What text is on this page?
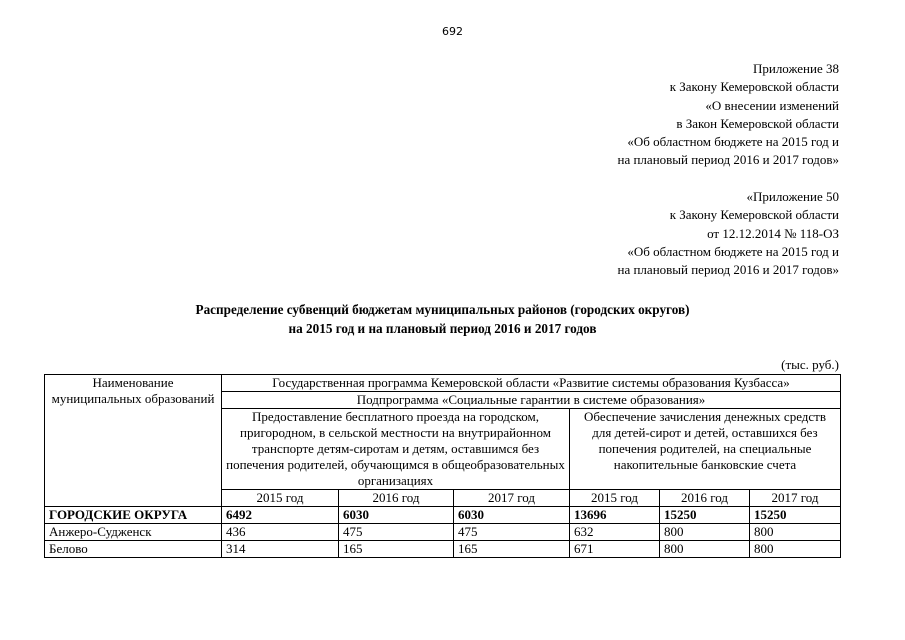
692
Приложение 38
к Закону Кемеровской области
«О внесении изменений
в Закон Кемеровской области
«Об областном бюджете на 2015 год и
на плановый период 2016 и 2017 годов»
«Приложение 50
к Закону Кемеровской области
от 12.12.2014 № 118-ОЗ
«Об областном бюджете на 2015 год и
на плановый период 2016 и 2017 годов»
Распределение субвенций бюджетам муниципальных районов (городских округов)
на 2015 год и на плановый период 2016 и 2017 годов
(тыс. руб.)
Наименование муниципальных образований	Государственная программа Кемеровской области «Развитие системы образования Кузбасса»					
	Подпрограмма «Социальные гарантии в системе образования»					
	Предоставление бесплатного проезда на городском, пригородном, в сельской местности на внутрирайонном транспорте детям-сиротам и детям, оставшимся без попечения родителей, обучающимся в общеобразовательных организациях			Обеспечение зачисления денежных средств для детей-сирот и детей, оставшихся без попечения родителей, на специальные накопительные банковские счета		
	2015 год	2016 год	2017 год	2015 год	2016 год	2017 год
ГОРОДСКИЕ ОКРУГА	6492	6030	6030	13696	15250	15250
Анжеро-Судженск	436	475	475	632	800	800
Белово	314	165	165	671	800	800
